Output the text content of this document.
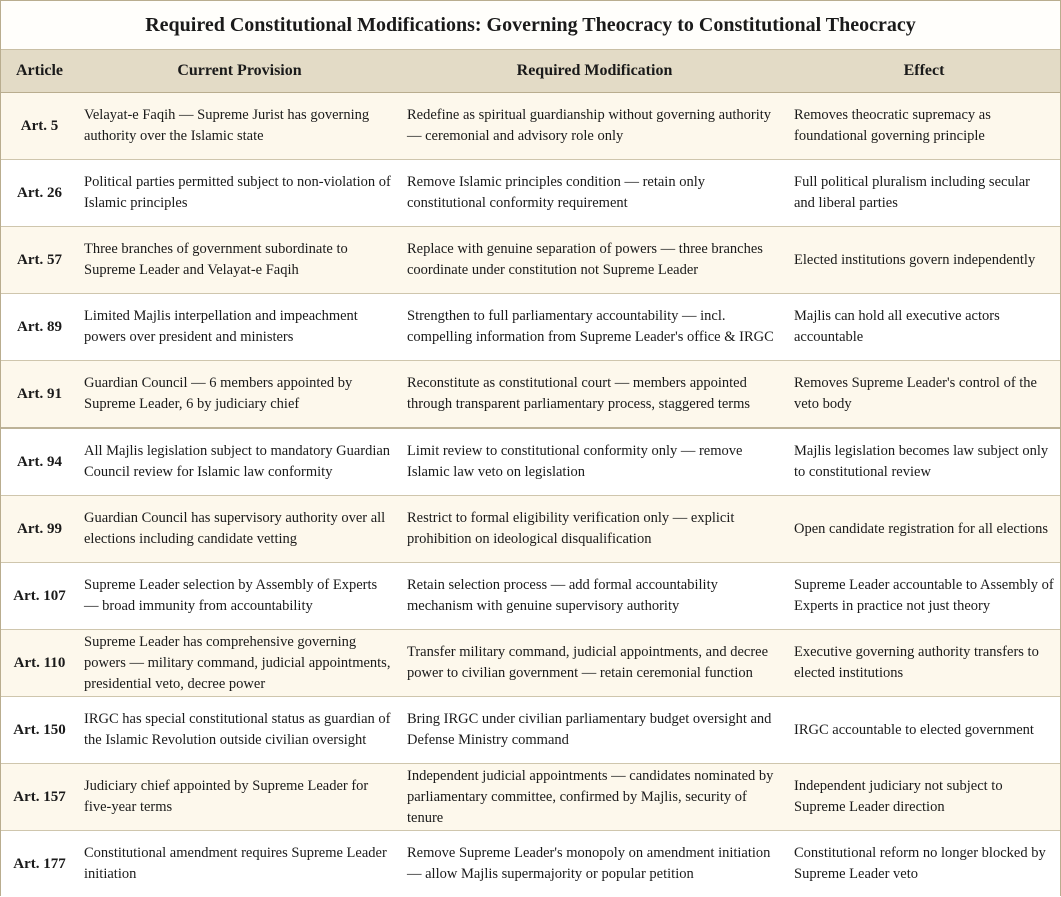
Required Constitutional Modifications: Governing Theocracy to Constitutional Theocracy
Article	Current Provision	Required Modification	Effect
Art. 5	Velayat-e Faqih — Supreme Jurist has governing authority over the Islamic state	Redefine as spiritual guardianship without governing authority — ceremonial and advisory role only	Removes theocratic supremacy as foundational governing principle
Art. 26	Political parties permitted subject to non-violation of Islamic principles	Remove Islamic principles condition — retain only constitutional conformity requirement	Full political pluralism including secular and liberal parties
Art. 57	Three branches of government subordinate to Supreme Leader and Velayat-e Faqih	Replace with genuine separation of powers — three branches coordinate under constitution not Supreme Leader	Elected institutions govern independently
Art. 89	Limited Majlis interpellation and impeachment powers over president and ministers	Strengthen to full parliamentary accountability — incl. compelling information from Supreme Leader's office & IRGC	Majlis can hold all executive actors accountable
Art. 91	Guardian Council — 6 members appointed by Supreme Leader, 6 by judiciary chief	Reconstitute as constitutional court — members appointed through transparent parliamentary process, staggered terms	Removes Supreme Leader's control of the veto body
Art. 94	All Majlis legislation subject to mandatory Guardian Council review for Islamic law conformity	Limit review to constitutional conformity only — remove Islamic law veto on legislation	Majlis legislation becomes law subject only to constitutional review
Art. 99	Guardian Council has supervisory authority over all elections including candidate vetting	Restrict to formal eligibility verification only — explicit prohibition on ideological disqualification	Open candidate registration for all elections
Art. 107	Supreme Leader selection by Assembly of Experts — broad immunity from accountability	Retain selection process — add formal accountability mechanism with genuine supervisory authority	Supreme Leader accountable to Assembly of Experts in practice not just theory
Art. 110	Supreme Leader has comprehensive governing powers — military command, judicial appointments, presidential veto, decree power	Transfer military command, judicial appointments, and decree power to civilian government — retain ceremonial function	Executive governing authority transfers to elected institutions
Art. 150	IRGC has special constitutional status as guardian of the Islamic Revolution outside civilian oversight	Bring IRGC under civilian parliamentary budget oversight and Defense Ministry command	IRGC accountable to elected government
Art. 157	Judiciary chief appointed by Supreme Leader for five-year terms	Independent judicial appointments — candidates nominated by parliamentary committee, confirmed by Majlis, security of tenure	Independent judiciary not subject to Supreme Leader direction
Art. 177	Constitutional amendment requires Supreme Leader initiation	Remove Supreme Leader's monopoly on amendment initiation — allow Majlis supermajority or popular petition	Constitutional reform no longer blocked by Supreme Leader veto
